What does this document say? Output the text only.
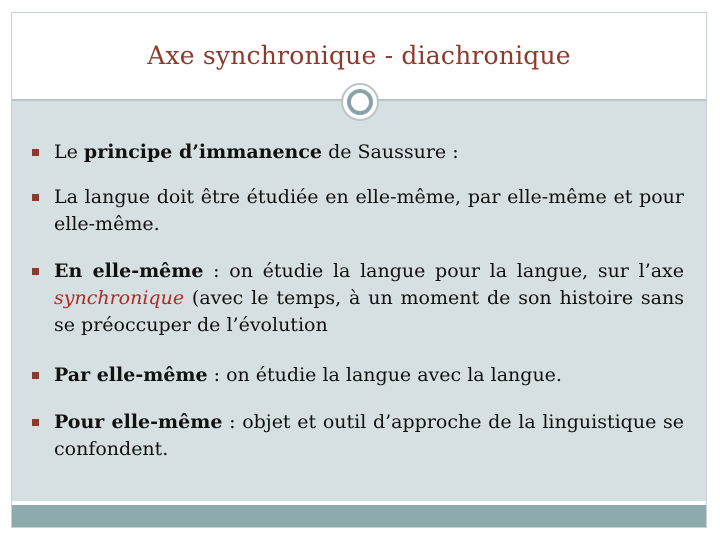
Axe synchronique - diachronique
Le principe d’immanence de Saussure :
La langue doit être étudiée en elle-même, par elle-même et pour elle-même.
En elle-même : on étudie la langue pour la langue, sur l’axe synchronique (avec le temps, à un moment de son histoire sans se préoccuper de l’évolution
Par elle-même : on étudie la langue avec la langue.
Pour elle-même : objet et outil d’approche de la linguistique se confondent.
